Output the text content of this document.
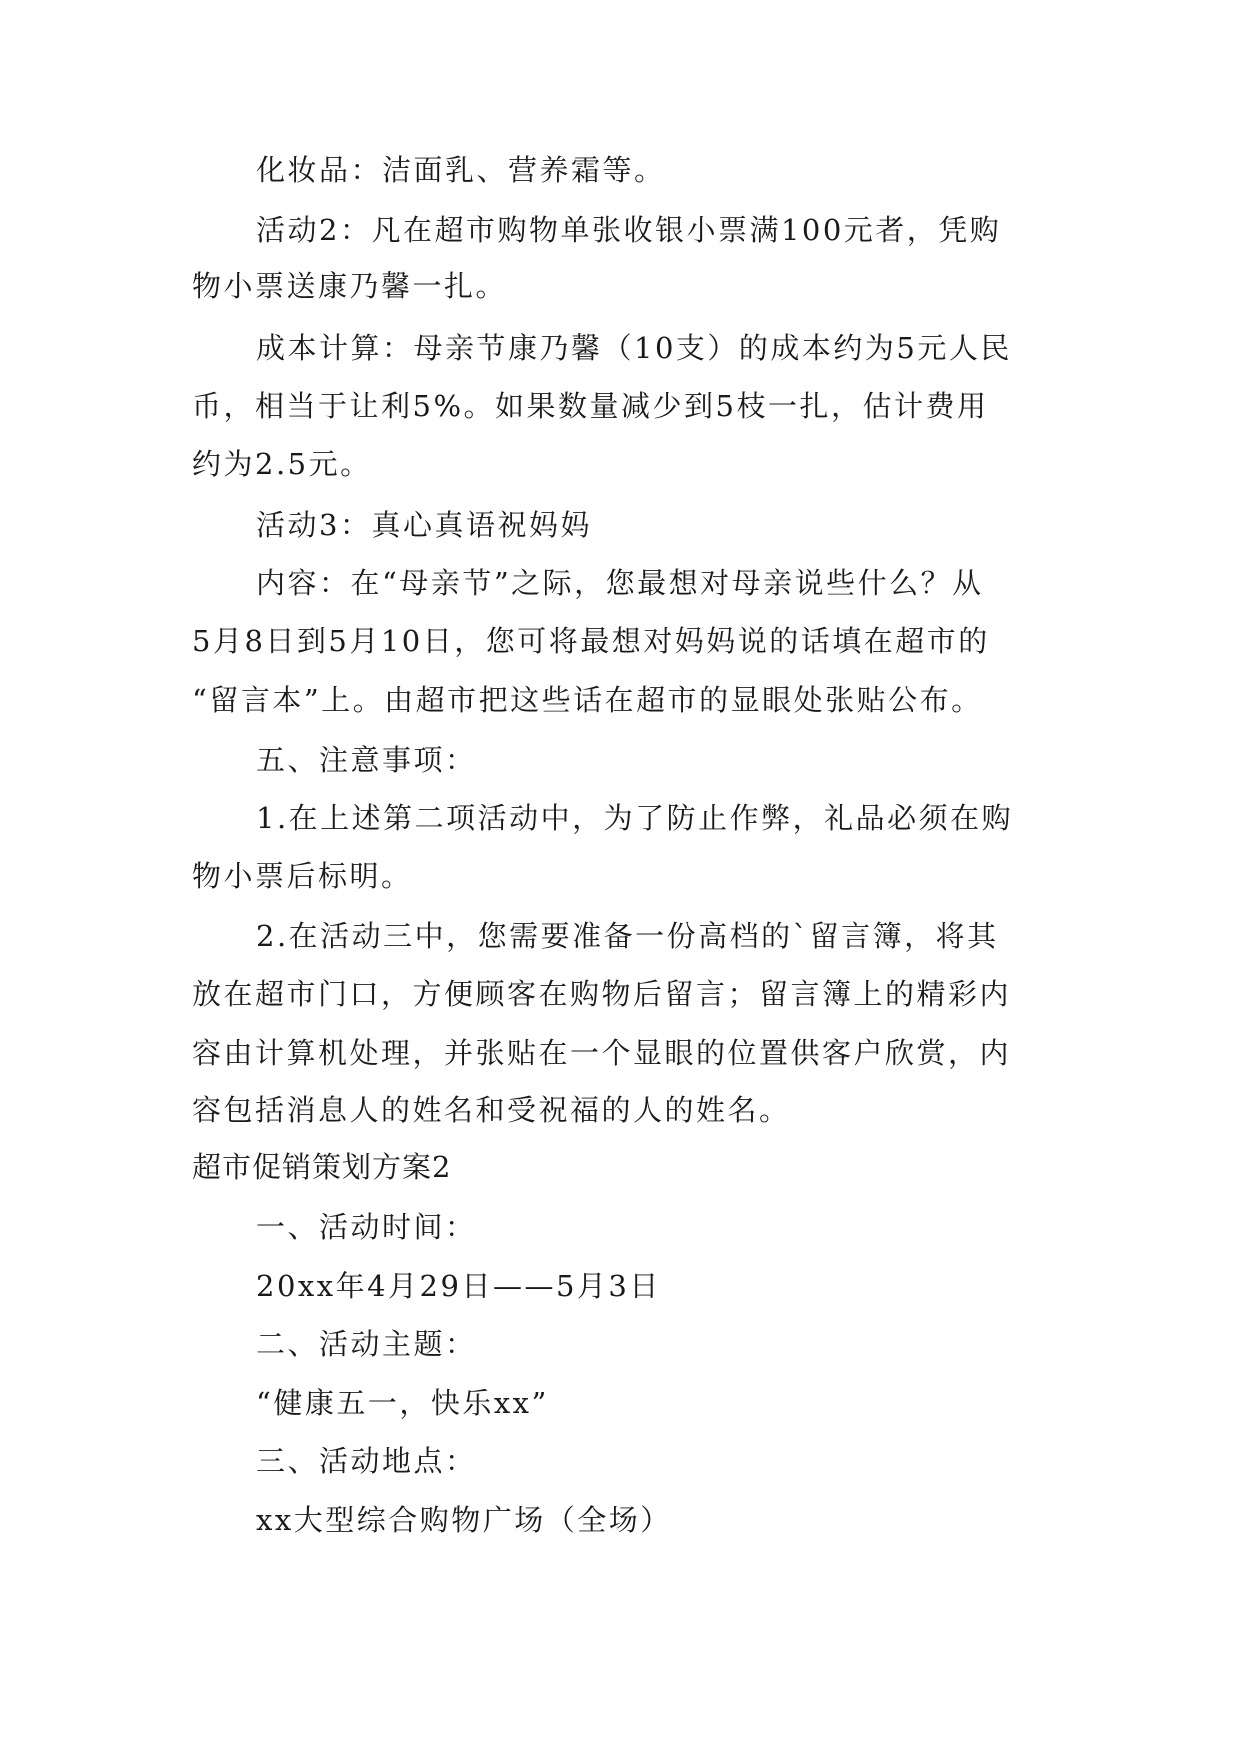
化妆品：洁面乳、营养霜等。
活动2：凡在超市购物单张收银小票满100元者，凭购
物小票送康乃馨一扎。
成本计算：母亲节康乃馨（10支）的成本约为5元人民
币，相当于让利5%。如果数量减少到5枝一扎，估计费用
约为2.5元。
活动3：真心真语祝妈妈
内容：在“母亲节”之际，您最想对母亲说些什么？从
5月8日到5月10日，您可将最想对妈妈说的话填在超市的
“留言本”上。由超市把这些话在超市的显眼处张贴公布。
五、注意事项：
1.在上述第二项活动中，为了防止作弊，礼品必须在购
物小票后标明。
2.在活动三中，您需要准备一份高档的`留言簿，将其
放在超市门口，方便顾客在购物后留言；留言簿上的精彩内
容由计算机处理，并张贴在一个显眼的位置供客户欣赏，内
容包括消息人的姓名和受祝福的人的姓名。
超市促销策划方案2
一、活动时间：
20xx年4月29日——5月3日
二、活动主题：
“健康五一，快乐xx”
三、活动地点：
xx大型综合购物广场（全场）
